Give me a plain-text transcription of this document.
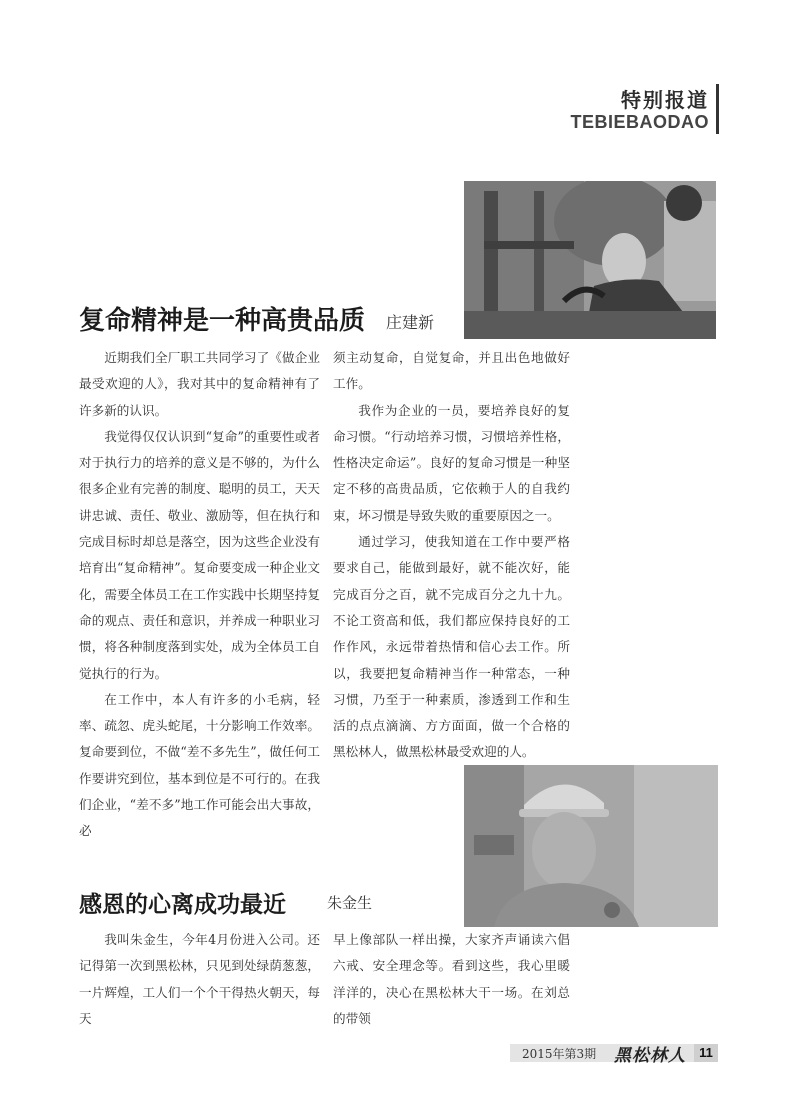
特别报道
TEBIEBAODAO
复命精神是一种高贵品质 庄建新

近期我们全厂职工共同学习了《做企业最受欢迎的人》，我对其中的复命精神有了许多新的认识。

我觉得仅仅认识到“复命”的重要性或者对于执行力的培养的意义是不够的，为什么很多企业有完善的制度、聪明的员工，天天讲忠诚、责任、敬业、激励等，但在执行和完成目标时却总是落空，因为这些企业没有培育出“复命精神”。复命要变成一种企业文化，需要全体员工在工作实践中长期坚持复命的观点、责任和意识，并养成一种职业习惯，将各种制度落到实处，成为全体员工自觉执行的行为。

在工作中，本人有许多的小毛病，轻率、疏忽、虎头蛇尾，十分影响工作效率。复命要到位，不做“差不多先生”，做任何工作要讲究到位，基本到位是不可行的。在我们企业，“差不多”地工作可能会出大事故，必

须主动复命，自觉复命，并且出色地做好工作。

我作为企业的一员，要培养良好的复命习惯。“行动培养习惯，习惯培养性格，性格决定命运”。良好的复命习惯是一种坚定不移的高贵品质，它依赖于人的自我约束，坏习惯是导致失败的重要原因之一。

通过学习，使我知道在工作中要严格要求自己，能做到最好，就不能次好，能完成百分之百，就不完成百分之九十九。不论工资高和低，我们都应保持良好的工作作风，永远带着热情和信心去工作。所以，我要把复命精神当作一种常态，一种习惯，乃至于一种素质，渗透到工作和生活的点点滴滴、方方面面，做一个合格的黑松林人，做黑松林最受欢迎的人。

感恩的心离成功最近	朱金生

我叫朱金生，今年4月份进入公司。还记得第一次到黑松林，只见到处绿荫葱葱，一片辉煌，工人们一个个干得热火朝天，每天

早上像部队一样出操，大家齐声诵读六倡六戒、安全理念等。看到这些，我心里暖洋洋的，决心在黑松林大干一场。在刘总的带领

2015年第3期 黑松林人	11
